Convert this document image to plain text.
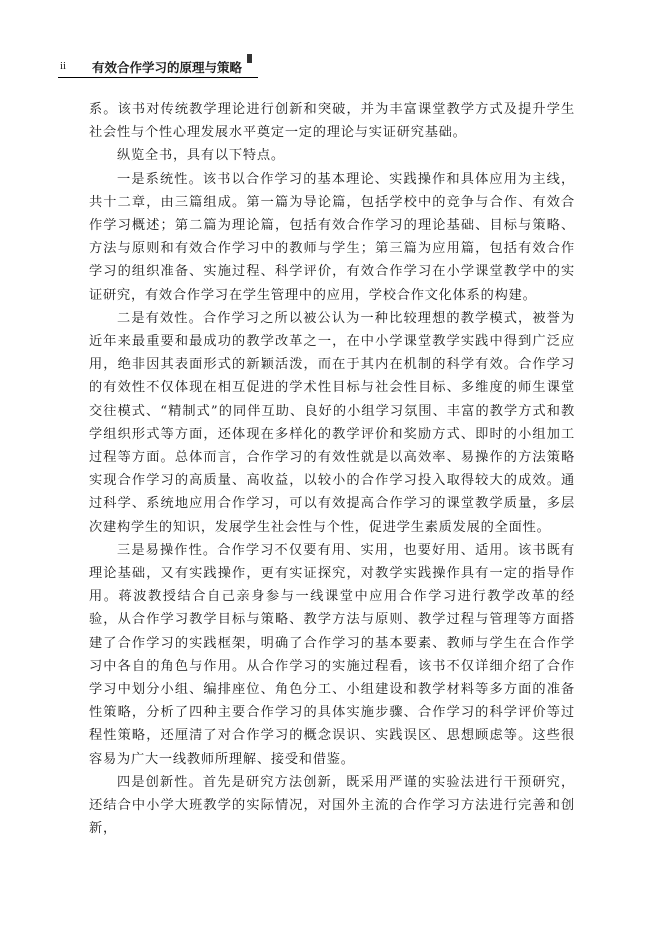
ii 有效合作学习的原理与策略

系。该书对传统教学理论进行创新和突破，并为丰富课堂教学方式及提升学生社会性与个性心理发展水平奠定一定的理论与实证研究基础。

纵览全书，具有以下特点。

一是系统性。该书以合作学习的基本理论、实践操作和具体应用为主线，共十二章，由三篇组成。第一篇为导论篇，包括学校中的竞争与合作、有效合作学习概述；第二篇为理论篇，包括有效合作学习的理论基础、目标与策略、方法与原则和有效合作学习中的教师与学生；第三篇为应用篇，包括有效合作学习的组织准备、实施过程、科学评价，有效合作学习在小学课堂教学中的实证研究，有效合作学习在学生管理中的应用，学校合作文化体系的构建。

二是有效性。合作学习之所以被公认为一种比较理想的教学模式，被誉为近年来最重要和最成功的教学改革之一，在中小学课堂教学实践中得到广泛应用，绝非因其表面形式的新颖活泼，而在于其内在机制的科学有效。合作学习的有效性不仅体现在相互促进的学术性目标与社会性目标、多维度的师生课堂交往模式、“精制式”的同伴互助、良好的小组学习氛围、丰富的教学方式和教学组织形式等方面，还体现在多样化的教学评价和奖励方式、即时的小组加工过程等方面。总体而言，合作学习的有效性就是以高效率、易操作的方法策略实现合作学习的高质量、高收益，以较小的合作学习投入取得较大的成效。通过科学、系统地应用合作学习，可以有效提高合作学习的课堂教学质量，多层次建构学生的知识，发展学生社会性与个性，促进学生素质发展的全面性。

三是易操作性。合作学习不仅要有用、实用，也要好用、适用。该书既有理论基础，又有实践操作，更有实证探究，对教学实践操作具有一定的指导作用。蒋波教授结合自己亲身参与一线课堂中应用合作学习进行教学改革的经验，从合作学习教学目标与策略、教学方法与原则、教学过程与管理等方面搭建了合作学习的实践框架，明确了合作学习的基本要素、教师与学生在合作学习中各自的角色与作用。从合作学习的实施过程看，该书不仅详细介绍了合作学习中划分小组、编排座位、角色分工、小组建设和教学材料等多方面的准备性策略，分析了四种主要合作学习的具体实施步骤、合作学习的科学评价等过程性策略，还厘清了对合作学习的概念误识、实践误区、思想顾虑等。这些很容易为广大一线教师所理解、接受和借鉴。

四是创新性。首先是研究方法创新，既采用严谨的实验法进行干预研究，还结合中小学大班教学的实际情况，对国外主流的合作学习方法进行完善和创新，
